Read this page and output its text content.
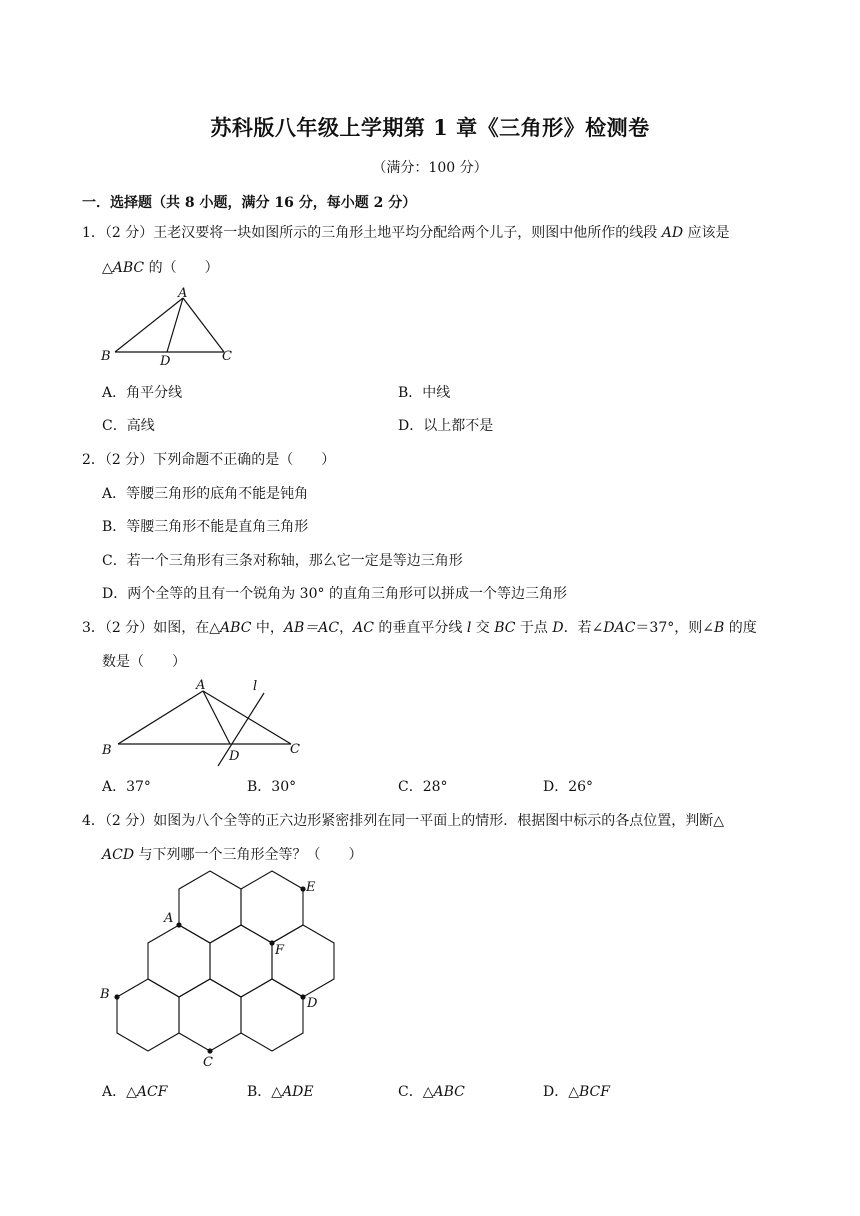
苏科版八年级上学期第 1 章《三角形》检测卷
（满分：100 分）
一．选择题（共 8 小题，满分 16 分，每小题 2 分）
1．（2 分）王老汉要将一块如图所示的三角形土地平均分配给两个儿子，则图中他所作的线段 AD 应该是
△ABC 的（　　）
A
B	D	C
A．角平分线	B．中线
C．高线	D．以上都不是
2．（2 分）下列命题不正确的是（　　）
A．等腰三角形的底角不能是钝角
B．等腰三角形不能是直角三角形
C．若一个三角形有三条对称轴，那么它一定是等边三角形
D．两个全等的且有一个锐角为 30° 的直角三角形可以拼成一个等边三角形
3．（2 分）如图，在△ABC 中，AB＝AC，AC 的垂直平分线 l 交 BC 于点 D．若∠DAC＝37°，则∠B 的度
数是（　　）
A	l
B	D	C
A．37°	B．30°	C．28°	D．26°
4．（2 分）如图为八个全等的正六边形紧密排列在同一平面上的情形．根据图中标示的各点位置，判断△
ACD 与下列哪一个三角形全等？（　　）
A
B
C
D
E
F
A．△ACF	B．△ADE	C．△ABC	D．△BCF
